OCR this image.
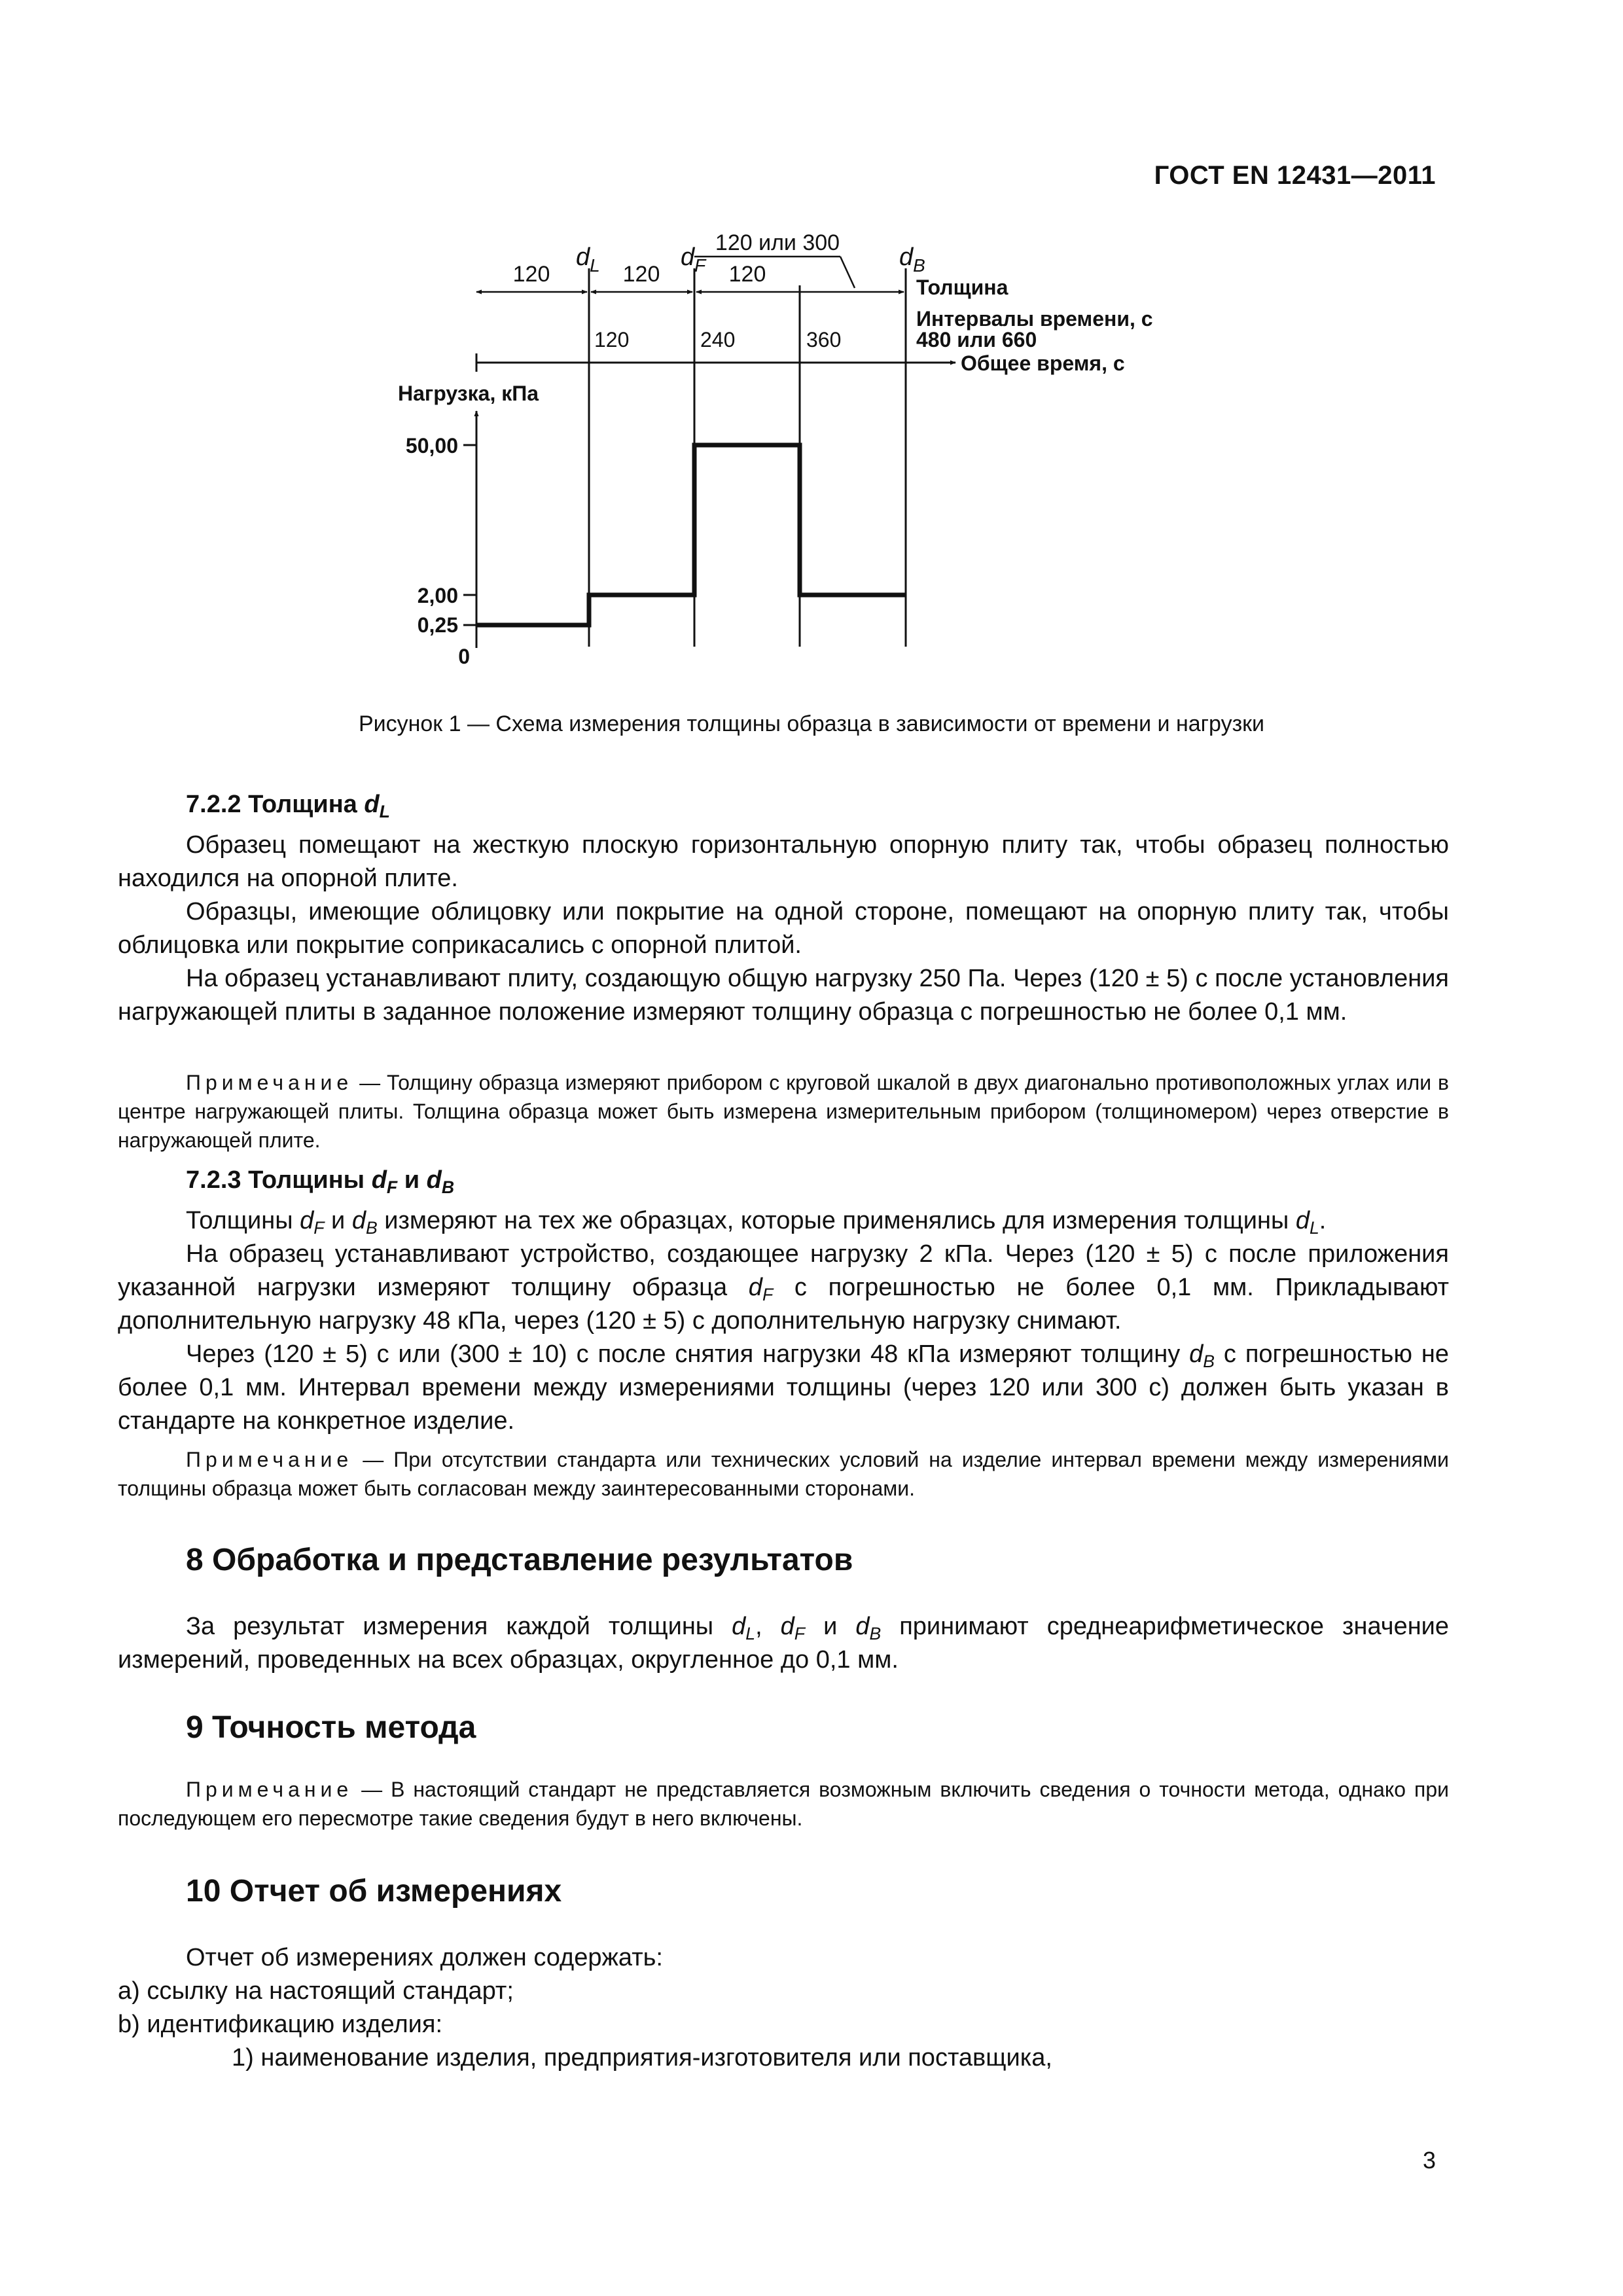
ГОСТ EN 12431—2011
120	120	120
120 или 300
$d_L$	$d_F$	$d_B$
Толщина
Интервалы времени, с
480 или 660
Общее время, с
120	240	360
Нагрузка, кПа
50,00
2,00
0,25
0
Рисунок 1 — Схема измерения толщины образца в зависимости от времени и нагрузки
7.2.2 Толщина $d_L$
Образец помещают на жесткую плоскую горизонтальную опорную плиту так, чтобы образец полностью находился на опорной плите.
Образцы, имеющие облицовку или покрытие на одной стороне, помещают на опорную плиту так, чтобы облицовка или покрытие соприкасались с опорной плитой.
На образец устанавливают плиту, создающую общую нагрузку 250 Па. Через (120 ± 5) с после установления нагружающей плиты в заданное положение измеряют толщину образца с погрешностью не более 0,1 мм.
Примечание — Толщину образца измеряют прибором с круговой шкалой в двух диагонально противоположных углах или в центре нагружающей плиты. Толщина образца может быть измерена измерительным прибором (толщиномером) через отверстие в нагружающей плите.
7.2.3 Толщины $d_F$ и $d_B$
Толщины $d_F$ и $d_B$ измеряют на тех же образцах, которые применялись для измерения толщины $d_L$.
На образец устанавливают устройство, создающее нагрузку 2 кПа. Через (120 ± 5) с после приложения указанной нагрузки измеряют толщину образца $d_F$ с погрешностью не более 0,1 мм. Прикладывают дополнительную нагрузку 48 кПа, через (120 ± 5) с дополнительную нагрузку снимают.
Через (120 ± 5) с или (300 ± 10) с после снятия нагрузки 48 кПа измеряют толщину $d_B$ с погрешностью не более 0,1 мм. Интервал времени между измерениями толщины (через 120 или 300 с) должен быть указан в стандарте на конкретное изделие.
Примечание — При отсутствии стандарта или технических условий на изделие интервал времени между измерениями толщины образца может быть согласован между заинтересованными сторонами.
8 Обработка и представление результатов
За результат измерения каждой толщины $d_L$, $d_F$ и $d_B$ принимают среднеарифметическое значение измерений, проведенных на всех образцах, округленное до 0,1 мм.
9 Точность метода
Примечание — В настоящий стандарт не представляется возможным включить сведения о точности метода, однако при последующем его пересмотре такие сведения будут в него включены.
10 Отчет об измерениях
Отчет об измерениях должен содержать:
a) ссылку на настоящий стандарт;
b) идентификацию изделия:
1) наименование изделия, предприятия-изготовителя или поставщика,
3
